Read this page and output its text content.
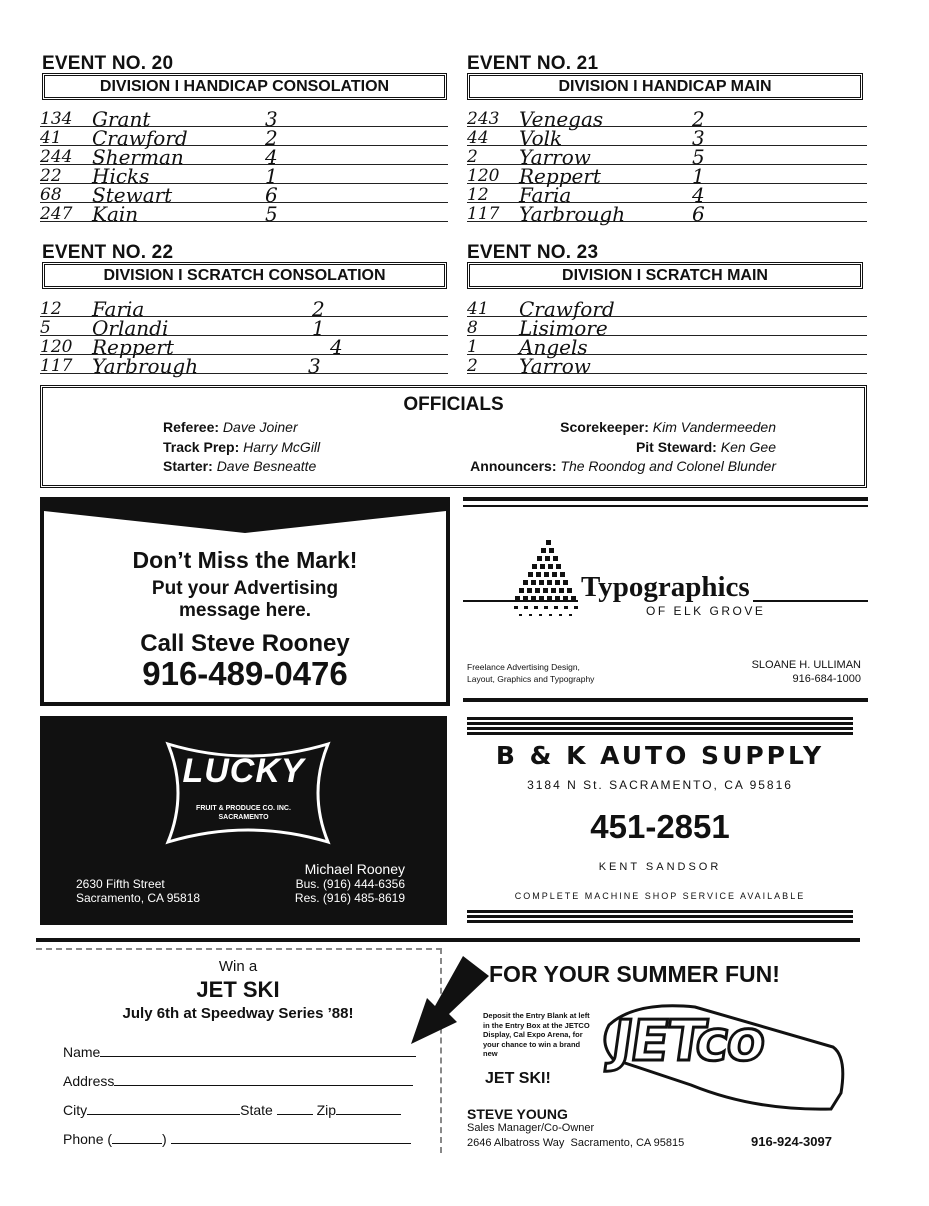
EVENT NO. 20
DIVISION I HANDICAP CONSOLATION
134 Grant	3
41 Crawford	2
244 Sherman	4
22 Hicks	1
68 Stewart	6
247 Kain	5
EVENT NO. 21
DIVISION I HANDICAP MAIN
243 Venegas	2
44 Volk	3
2 Yarrow	5
120 Reppert	1
12 Faria	4
117 Yarbrough	6
EVENT NO. 22
DIVISION I SCRATCH CONSOLATION
12 Faria	2
5 Orlandi	1
120 Reppert	4
117 Yarbrough	3
EVENT NO. 23
DIVISION I SCRATCH MAIN
41 Crawford
8 Lisimore
1 Angels
2 Yarrow
OFFICIALS
Referee: Dave Joiner
Track Prep: Harry McGill
Starter: Dave Besneatte
Scorekeeper: Kim Vandermeeden
Pit Steward: Ken Gee
Announcers: The Roondog and Colonel Blunder
Don’t Miss the Mark!
Put your Advertising
message here.
Call Steve Rooney
916-489-0476
Typographics
OF ELK GROVE
Freelance Advertising Design,
Layout, Graphics and Typography
SLOANE H. ULLIMAN
916-684-1000
LUCKY
FRUIT & PRODUCE CO. INC.
SACRAMENTO
2630 Fifth Street
Sacramento, CA 95818
Michael Rooney
Bus. (916) 444-6356
Res. (916) 485-8619
B & K AUTO SUPPLY
3184 N St. SACRAMENTO, CA 95816
451-2851
KENT SANDSOR
COMPLETE MACHINE SHOP SERVICE AVAILABLE
Win a
JET SKI
July 6th at Speedway Series ’88!
Name
Address
City	State	Zip
Phone (	)
FOR YOUR SUMMER FUN!
Deposit the Entry Blank at left in the Entry Box at the JETCO Display, Cal Expo Arena, for your chance to win a brand new
JET SKI!
JETco
STEVE YOUNG
Sales Manager/Co-Owner
2646 Albatross Way  Sacramento, CA 95815	916-924-3097
